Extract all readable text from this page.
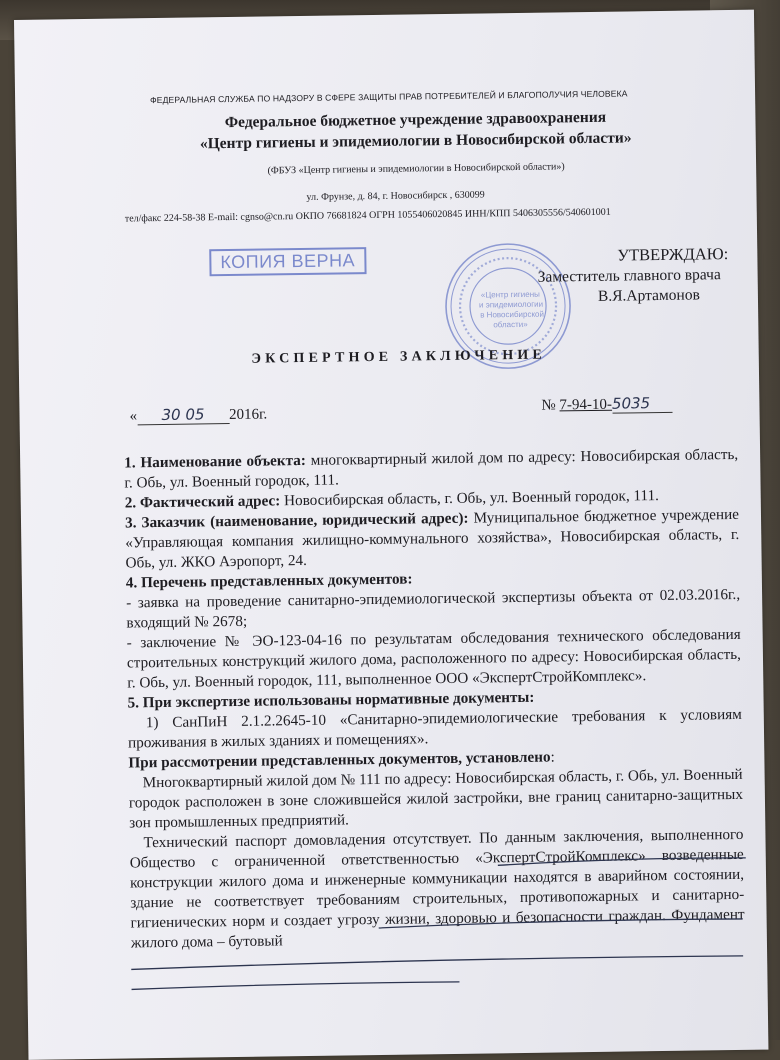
ФЕДЕРАЛЬНАЯ СЛУЖБА ПО НАДЗОРУ В СФЕРЕ ЗАЩИТЫ ПРАВ ПОТРЕБИТЕЛЕЙ И БЛАГОПОЛУЧИЯ ЧЕЛОВЕКА
Федеральное бюджетное учреждение здравоохранения
«Центр гигиены и эпидемиологии в Новосибирской области»
(ФБУЗ «Центр гигиены и эпидемиологии в Новосибирской области»)
ул. Фрунзе, д. 84, г. Новосибирск , 630099
тел/факс 224-58-38 E-mail: cgnso@cn.ru ОКПО 76681824 ОГРН 1055406020845 ИНН/КПП 5406305556/540601001
КОПИЯ ВЕРНА
«Центр гигиены
и эпидемиологии
в Новосибирской
области»
УТВЕРЖДАЮ:
Заместитель главного врача
В.Я.Артамонов
ЭКСПЕРТНОЕ ЗАКЛЮЧЕНИЕ
« 30 05 2016г.
№ 7-94-10-5035

1. Наименование объекта: многоквартирный жилой дом по адресу: Новосибирская область, г. Обь, ул. Военный городок, 111.

2. Фактический адрес: Новосибирская область, г. Обь, ул. Военный городок, 111.

3. Заказчик (наименование, юридический адрес): Муниципальное бюджетное учреждение «Управляющая компания жилищно-коммунального хозяйства», Новосибирская область, г. Обь, ул. ЖКО Аэропорт, 24.

4. Перечень представленных документов:

- заявка на проведение санитарно-эпидемиологической экспертизы объекта от 02.03.2016г., входящий № 2678;

- заключение № ЭО-123-04-16 по результатам обследования технического обследования строительных конструкций жилого дома, расположенного по адресу: Новосибирская область, г. Обь, ул. Военный городок, 111, выполненное ООО «ЭкспертСтройКомплекс».

5. При экспертизе использованы нормативные документы:

1) СанПиН 2.1.2.2645-10 «Санитарно-эпидемиологические требования к условиям проживания в жилых зданиях и помещениях».

При рассмотрении представленных документов, установлено:

Многоквартирный жилой дом № 111 по адресу: Новосибирская область, г. Обь, ул. Военный городок расположен в зоне сложившейся жилой застройки, вне границ санитарно-защитных зон промышленных предприятий.

Технический паспорт домовладения отсутствует. По данным заключения, выполненного Общество с ограниченной ответственностью «ЭкспертСтройКомплекс» возведенные конструкции жилого дома и инженерные коммуникации находятся в аварийном состоянии, здание не соответствует требованиям строительных, противопожарных и санитарно-гигиенических норм и создает угрозу жизни, здоровью и безопасности граждан. Фундамент жилого дома – бутовый
